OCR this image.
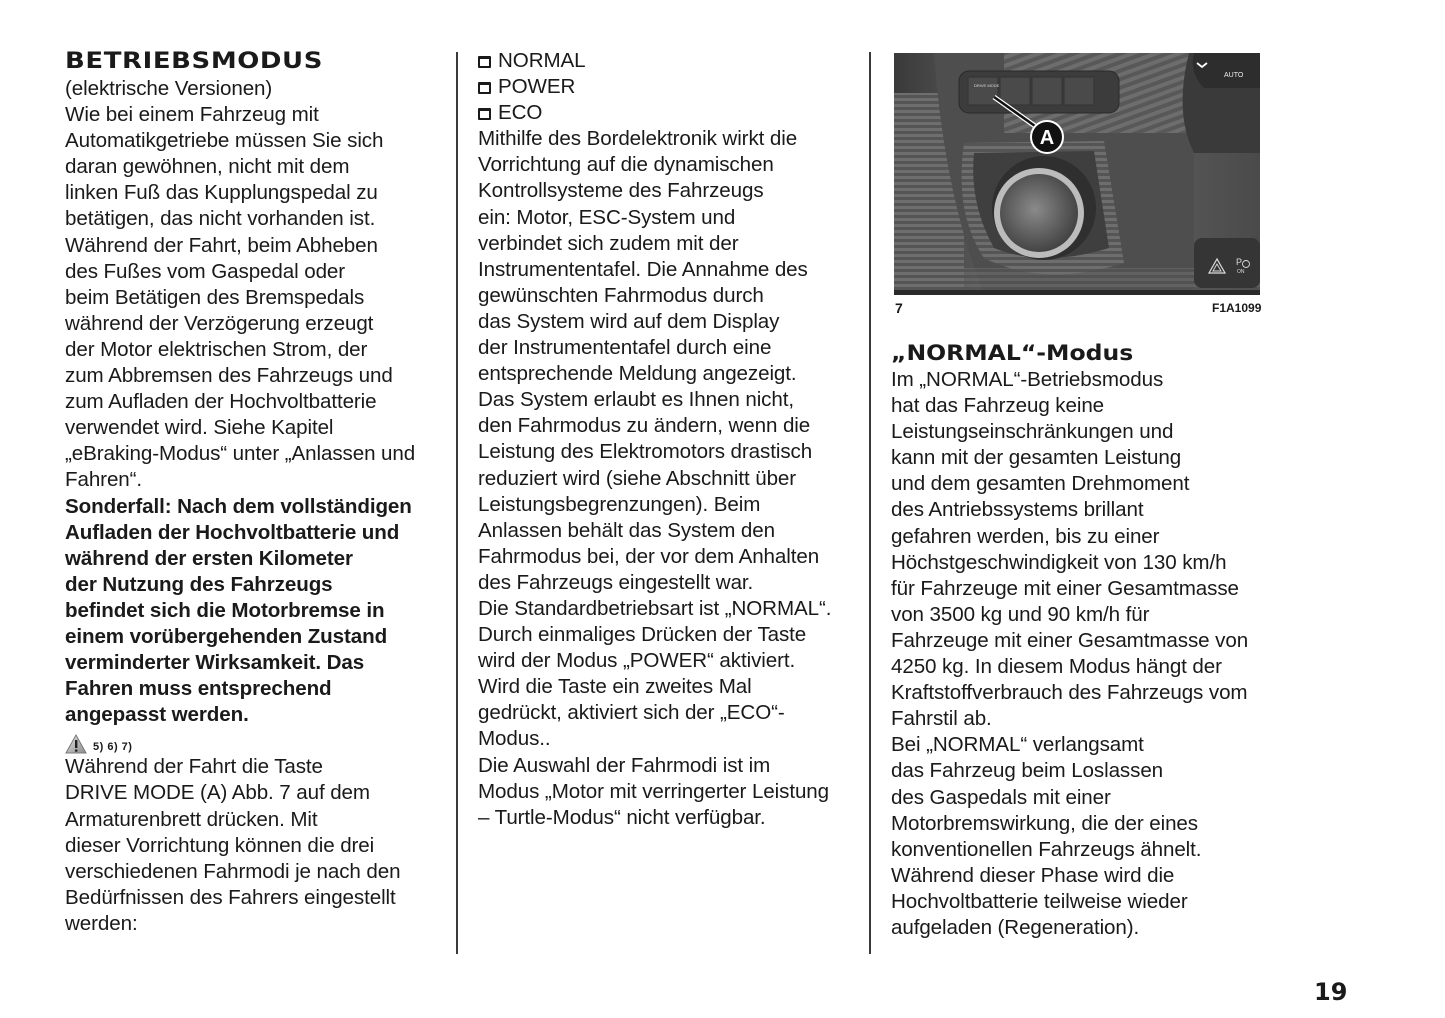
BETRIEBSMODUS
(elektrische Versionen)
Wie bei einem Fahrzeug mit
Automatikgetriebe müssen Sie sich
daran gewöhnen, nicht mit dem
linken Fuß das Kupplungspedal zu
betätigen, das nicht vorhanden ist.
Während der Fahrt, beim Abheben
des Fußes vom Gaspedal oder
beim Betätigen des Bremspedals
während der Verzögerung erzeugt
der Motor elektrischen Strom, der
zum Abbremsen des Fahrzeugs und
zum Aufladen der Hochvoltbatterie
verwendet wird. Siehe Kapitel
„eBraking-Modus“ unter „Anlassen und
Fahren“.
Sonderfall: Nach dem vollständigen
Aufladen der Hochvoltbatterie und
während der ersten Kilometer
der Nutzung des Fahrzeugs
befindet sich die Motorbremse in
einem vorübergehenden Zustand
verminderter Wirksamkeit. Das
Fahren muss entsprechend
angepasst werden.
5) 6) 7)
Während der Fahrt die Taste
DRIVE MODE (A) Abb. 7 auf dem
Armaturenbrett drücken. Mit
dieser Vorrichtung können die drei
verschiedenen Fahrmodi je nach den
Bedürfnissen des Fahrers eingestellt
werden:
NORMAL
POWER
ECO
Mithilfe des Bordelektronik wirkt die
Vorrichtung auf die dynamischen
Kontrollsysteme des Fahrzeugs
ein: Motor, ESC-System und
verbindet sich zudem mit der
Instrumententafel. Die Annahme des
gewünschten Fahrmodus durch
das System wird auf dem Display
der Instrumententafel durch eine
entsprechende Meldung angezeigt.
Das System erlaubt es Ihnen nicht,
den Fahrmodus zu ändern, wenn die
Leistung des Elektromotors drastisch
reduziert wird (siehe Abschnitt über
Leistungsbegrenzungen). Beim
Anlassen behält das System den
Fahrmodus bei, der vor dem Anhalten
des Fahrzeugs eingestellt war.
Die Standardbetriebsart ist „NORMAL“.
Durch einmaliges Drücken der Taste
wird der Modus „POWER“ aktiviert.
Wird die Taste ein zweites Mal
gedrückt, aktiviert sich der „ECO“-
Modus..
Die Auswahl der Fahrmodi ist im
Modus „Motor mit verringerter Leistung
– Turtle-Modus“ nicht verfügbar.
DRIVE MODE
A
AUTO
P
ON
7	F1A1099
„NORMAL“-Modus
Im „NORMAL“-Betriebsmodus
hat das Fahrzeug keine
Leistungseinschränkungen und
kann mit der gesamten Leistung
und dem gesamten Drehmoment
des Antriebssystems brillant
gefahren werden, bis zu einer
Höchstgeschwindigkeit von 130 km/h
für Fahrzeuge mit einer Gesamtmasse
von 3500 kg und 90 km/h für
Fahrzeuge mit einer Gesamtmasse von
4250 kg. In diesem Modus hängt der
Kraftstoffverbrauch des Fahrzeugs vom
Fahrstil ab.
Bei „NORMAL“ verlangsamt
das Fahrzeug beim Loslassen
des Gaspedals mit einer
Motorbremswirkung, die der eines
konventionellen Fahrzeugs ähnelt.
Während dieser Phase wird die
Hochvoltbatterie teilweise wieder
aufgeladen (Regeneration).
19
